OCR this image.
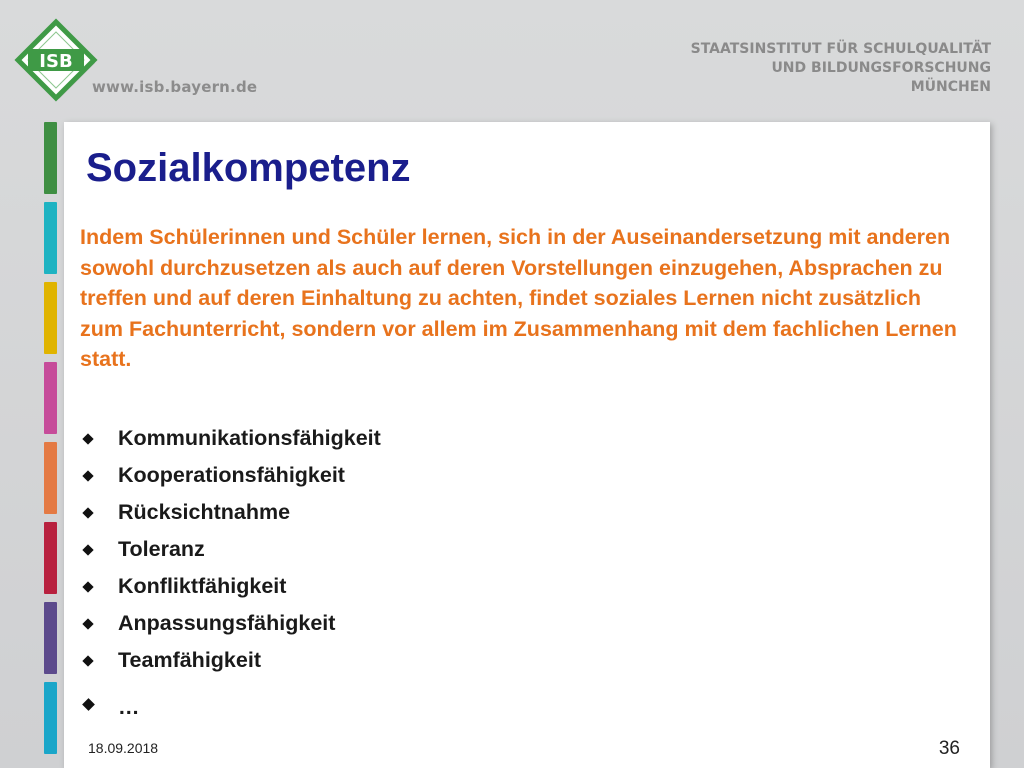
ISB
www.isb.bayern.de
STAATSINSTITUT FÜR SCHULQUALITÄT
UND BILDUNGSFORSCHUNG
MÜNCHEN
Sozialkompetenz

Indem Schülerinnen und Schüler lernen, sich in der Auseinandersetzung mit anderen sowohl durchzusetzen als auch auf deren Vorstellungen einzugehen, Absprachen zu treffen und auf deren Einhaltung zu achten, findet soziales Lernen nicht zusätzlich zum Fachunterricht, sondern vor allem im Zusammenhang mit dem fachlichen Lernen statt.

Kommunikationsfähigkeit
Kooperationsfähigkeit
Rücksichtnahme
Toleranz
Konfliktfähigkeit
Anpassungsfähigkeit
Teamfähigkeit
…
18.09.2018	36
